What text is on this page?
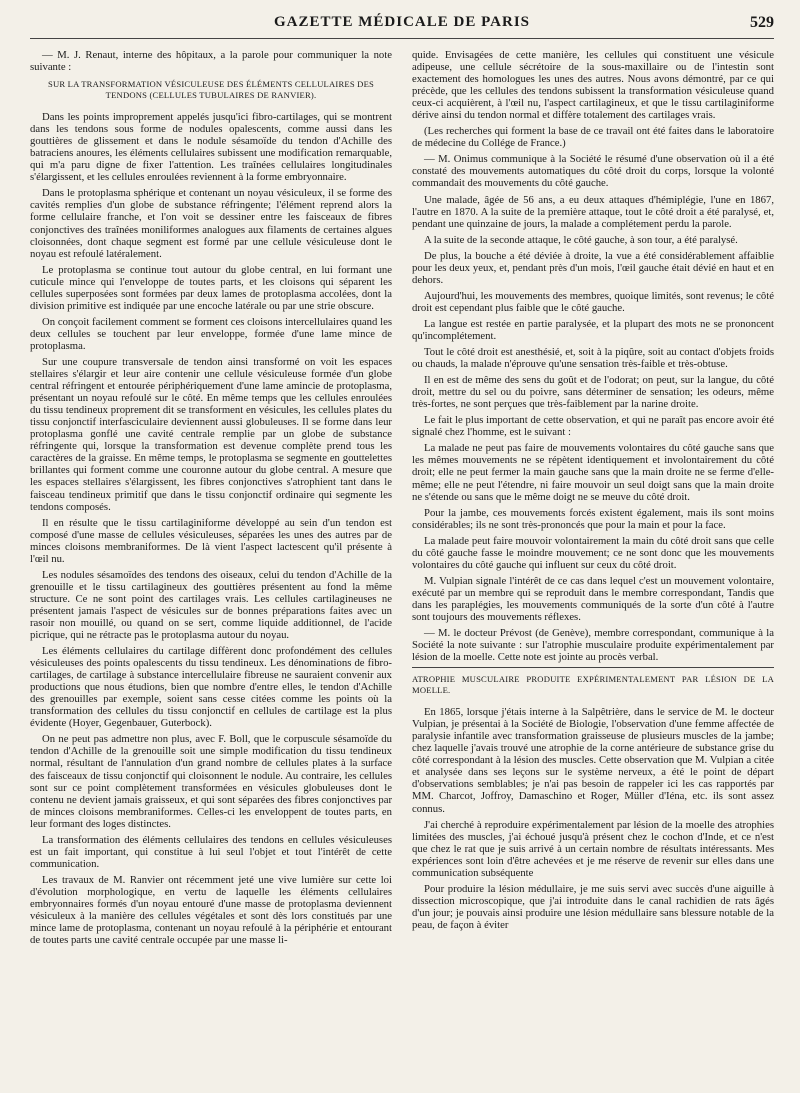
GAZETTE MÉDICALE DE PARIS	529

— M. J. Renaut, interne des hôpitaux, a la parole pour communiquer la note suivante :

SUR LA TRANSFORMATION VÉSICULEUSE DES ÉLÉMENTS CELLULAIRES DES TENDONS (CELLULES TUBULAIRES DE RANVIER).

Dans les points improprement appelés jusqu'ici fibro-cartilages, qui se montrent dans les tendons sous forme de nodules opalescents, comme aussi dans les gouttières de glissement et dans le nodule sésamoïde du tendon d'Achille des batraciens anoures, les éléments cellulaires subissent une modification remarquable, qui m'a paru digne de fixer l'attention. Les traînées cellulaires longitudinales s'élargissent, et les cellules enroulées reviennent à la forme embryonnaire.

Dans le protoplasma sphérique et contenant un noyau vésiculeux, il se forme des cavités remplies d'un globe de substance réfringente; l'élément reprend alors la forme cellulaire franche, et l'on voit se dessiner entre les faisceaux de fibres conjonctives des traînées moniliformes analogues aux filaments de certaines algues cloisonnées, dont chaque segment est formé par une cellule vésiculeuse dont le noyau est refoulé latéralement.

Le protoplasma se continue tout autour du globe central, en lui formant une cuticule mince qui l'enveloppe de toutes parts, et les cloisons qui séparent les cellules superposées sont formées par deux lames de protoplasma accolées, dont la division primitive est indiquée par une encoche latérale ou par une strie obscure.

On conçoit facilement comment se forment ces cloisons intercellulaires quand les deux cellules se touchent par leur enveloppe, formée d'une lame mince de protoplasma.

Sur une coupure transversale de tendon ainsi transformé on voit les espaces stellaires s'élargir et leur aire contenir une cellule vésiculeuse formée d'un globe central réfringent et entourée périphériquement d'une lame amincie de protoplasma, présentant un noyau refoulé sur le côté. En même temps que les cellules enroulées du tissu tendineux proprement dit se transforment en vésicules, les cellules plates du tissu conjonctif interfasciculaire deviennent aussi globuleuses. Il se forme dans leur protoplasma gonflé une cavité centrale remplie par un globe de substance réfringente qui, lorsque la transformation est devenue complète prend tous les caractères de la graisse. En même temps, le protoplasma se segmente en gouttelettes brillantes qui forment comme une couronne autour du globe central. A mesure que les espaces stellaires s'élargissent, les fibres conjonctives s'atrophient tant dans le faisceau tendineux primitif que dans le tissu conjonctif ordinaire qui segmente les tendons composés.

Il en résulte que le tissu cartilaginiforme développé au sein d'un tendon est composé d'une masse de cellules vésiculeuses, séparées les unes des autres par de minces cloisons membraniformes. De là vient l'aspect lactescent qu'il présente à l'œil nu.

Les nodules sésamoïdes des tendons des oiseaux, celui du tendon d'Achille de la grenouille et le tissu cartilagineux des gouttières présentent au fond la même structure. Ce ne sont point des cartilages vrais. Les cellules cartilagineuses ne présentent jamais l'aspect de vésicules sur de bonnes préparations faites avec un rasoir non mouillé, ou quand on se sert, comme liquide additionnel, de l'acide picrique, qui ne rétracte pas le protoplasma autour du noyau.

Les éléments cellulaires du cartilage diffèrent donc profondément des cellules vésiculeuses des points opalescents du tissu tendineux. Les dénominations de fibro-cartilages, de cartilage à substance intercellulaire fibreuse ne sauraient convenir aux productions que nous étudions, bien que nombre d'entre elles, le tendon d'Achille des grenouilles par exemple, soient sans cesse citées comme les points où la transformation des cellules du tissu conjonctif en cellules de cartilage est la plus évidente (Hoyer, Gegenbauer, Guterbock).

On ne peut pas admettre non plus, avec F. Boll, que le corpuscule sésamoïde du tendon d'Achille de la grenouille soit une simple modification du tissu tendineux normal, résultant de l'annulation d'un grand nombre de cellules plates à la surface des faisceaux de tissu conjonctif qui cloisonnent le nodule. Au contraire, les cellules sont sur ce point complètement transformées en vésicules globuleuses dont le contenu ne devient jamais graisseux, et qui sont séparées des fibres conjonctives par de minces cloisons membraniformes. Celles-ci les enveloppent de toutes parts, en leur formant des loges distinctes.

La transformation des éléments cellulaires des tendons en cellules vésiculeuses est un fait important, qui constitue à lui seul l'objet et tout l'intérêt de cette communication.

Les travaux de M. Ranvier ont récemment jeté une vive lumière sur cette loi d'évolution morphologique, en vertu de laquelle les éléments cellulaires embryonnaires formés d'un noyau entouré d'une masse de protoplasma deviennent vésiculeux à la manière des cellules végétales et sont dès lors constitués par une mince lame de protoplasma, contenant un noyau refoulé à la périphérie et entourant de toutes parts une cavité centrale occupée par une masse li-

quide. Envisagées de cette manière, les cellules qui constituent une vésicule adipeuse, une cellule sécrétoire de la sous-maxillaire ou de l'intestin sont exactement des homologues les unes des autres. Nous avons démontré, par ce qui précède, que les cellules des tendons subissent la transformation vésiculeuse quand ceux-ci acquièrent, à l'œil nu, l'aspect cartilagineux, et que le tissu cartilaginiforme dérive ainsi du tendon normal et diffère totalement des cartilages vrais.

(Les recherches qui forment la base de ce travail ont été faites dans le laboratoire de médecine du Collége de France.)

— M. Onimus communique à la Société le résumé d'une observation où il a été constaté des mouvements automatiques du côté droit du corps, lorsque la volonté commandait des mouvements du côté gauche.

Une malade, âgée de 56 ans, a eu deux attaques d'hémiplégie, l'une en 1867, l'autre en 1870. A la suite de la première attaque, tout le côté droit a été paralysé, et, pendant une quinzaine de jours, la malade a complétement perdu la parole.

A la suite de la seconde attaque, le côté gauche, à son tour, a été paralysé.

De plus, la bouche a été déviée à droite, la vue a été considérablement affaiblie pour les deux yeux, et, pendant près d'un mois, l'œil gauche était dévié en haut et en dehors.

Aujourd'hui, les mouvements des membres, quoique limités, sont revenus; le côté droit est cependant plus faible que le côté gauche.

La langue est restée en partie paralysée, et la plupart des mots ne se prononcent qu'incomplétement.

Tout le côté droit est anesthésié, et, soit à la piqûre, soit au contact d'objets froids ou chauds, la malade n'éprouve qu'une sensation très-faible et très-obtuse.

Il en est de même des sens du goût et de l'odorat; on peut, sur la langue, du côté droit, mettre du sel ou du poivre, sans déterminer de sensation; les odeurs, même très-fortes, ne sont perçues que très-faiblement par la narine droite.

Le fait le plus important de cette observation, et qui ne paraît pas encore avoir été signalé chez l'homme, est le suivant :

La malade ne peut pas faire de mouvements volontaires du côté gauche sans que les mêmes mouvements ne se répètent identiquement et involontairement du côté droit; elle ne peut fermer la main gauche sans que la main droite ne se ferme d'elle-même; elle ne peut l'étendre, ni faire mouvoir un seul doigt sans que la main droite ne s'étende ou sans que le même doigt ne se meuve du côté droit.

Pour la jambe, ces mouvements forcés existent également, mais ils sont moins considérables; ils ne sont très-prononcés que pour la main et pour la face.

La malade peut faire mouvoir volontairement la main du côté droit sans que celle du côté gauche fasse le moindre mouvement; ce ne sont donc que les mouvements volontaires du côté gauche qui influent sur ceux du côté droit.

M. Vulpian signale l'intérêt de ce cas dans lequel c'est un mouvement volontaire, exécuté par un membre qui se reproduit dans le membre correspondant, Tandis que dans les paraplégies, les mouvements communiqués de la sorte d'un côté à l'autre sont toujours des mouvements réflexes.

— M. le docteur Prévost (de Genève), membre correspondant, communique à la Société la note suivante : sur l'atrophie musculaire produite expérimentalement par lésion de la moelle. Cette note est jointe au procès verbal.

ATROPHIE MUSCULAIRE PRODUITE EXPÉRIMENTALEMENT PAR LÉSION DE LA MOELLE.

En 1865, lorsque j'étais interne à la Salpêtrière, dans le service de M. le docteur Vulpian, je présentai à la Société de Biologie, l'observation d'une femme affectée de paralysie infantile avec transformation graisseuse de plusieurs muscles de la jambe; chez laquelle j'avais trouvé une atrophie de la corne antérieure de substance grise du côté correspondant à la lésion des muscles. Cette observation que M. Vulpian a citée et analysée dans ses leçons sur le système nerveux, a été le point de départ d'observations semblables; je n'ai pas besoin de rappeler ici les cas rapportés par MM. Charcot, Joffroy, Damaschino et Roger, Müller d'Iéna, etc. ils sont assez connus.

J'ai cherché à reproduire expérimentalement par lésion de la moelle des atrophies limitées des muscles, j'ai échoué jusqu'à présent chez le cochon d'Inde, et ce n'est que chez le rat que je suis arrivé à un certain nombre de résultats intéressants. Mes expériences sont loin d'être achevées et je me réserve de revenir sur elles dans une communication subséquente

Pour produire la lésion médullaire, je me suis servi avec succès d'une aiguille à dissection microscopique, que j'ai introduite dans le canal rachidien de rats âgés d'un jour; je pouvais ainsi produire une lésion médullaire sans blessure notable de la peau, de façon à éviter
